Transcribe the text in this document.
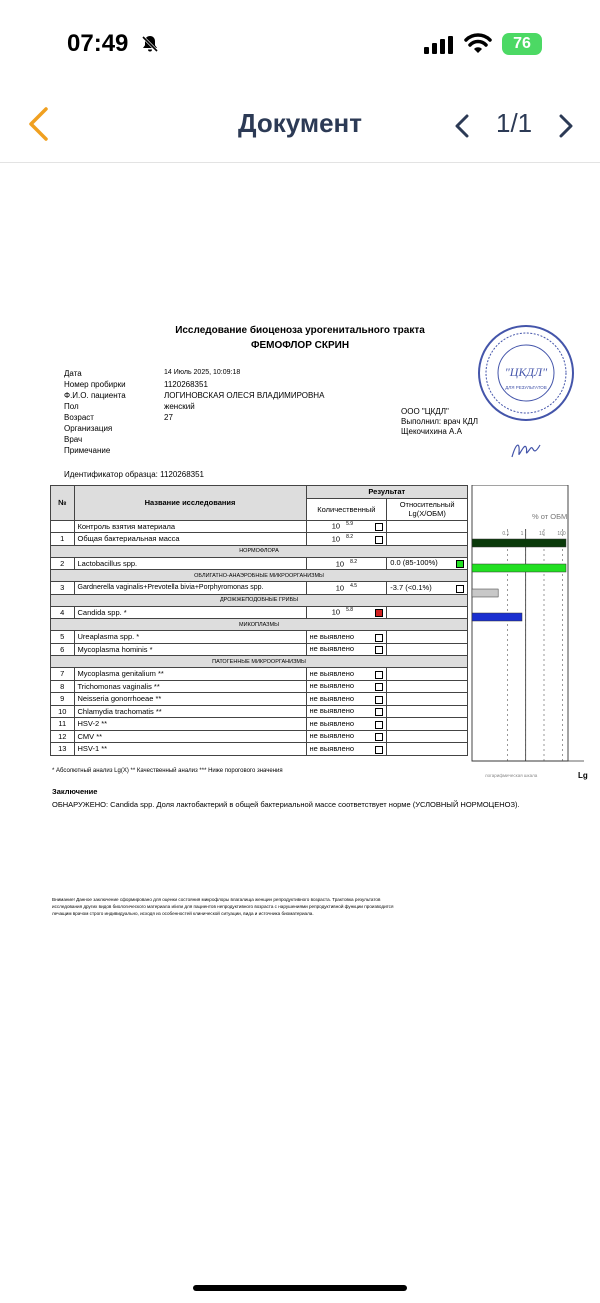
07:49	76
Документ	1/1
Исследование биоценоза урогенитального тракта
ФЕМОФЛОР СКРИН
Дата	14 Июль 2025, 10:09:18
Номер пробирки	1120268351
Ф.И.О. пациента	ЛОГИНОВСКАЯ ОЛЕСЯ ВЛАДИМИРОВНА
Пол	женский
Возраст	27
Организация
Врач
Примечание
ООО "ЦКДЛ"
Выполнил: врач КДЛ
Щекочихина А.А
"ЦКДЛ"
ДЛЯ РЕЗУЛЬТАТОВ
Идентификатор образца: 1120268351
№	Название исследования	Результат	
		Количественный	Относительный Lg(X/ОБМ)
	Контроль взятия материала	10 $^{5.9}$

1	Общая бактериальная масса	10 $^{8.2}$

НОРМОФЛОРА			
2	Lactobacillus spp.	10 $^{8.2}$	0.0 (85-100%)

ОБЛИГАТНО-АНАЭРОБНЫЕ МИКРООРГАНИЗМЫ			
3	Gardnerella vaginalis+Prevotella bivia+Porphyromonas spp.	10 $^{4.5}$	-3.7 (<0.1%)

ДРОЖЖЕПОДОБНЫЕ ГРИБЫ			
4	Candida spp. *	10 $^{5.8}$

МИКОПЛАЗМЫ			
5	Ureaplasma spp. *	не выявлено

6	Mycoplasma hominis *	не выявлено

ПАТОГЕННЫЕ МИКРООРГАНИЗМЫ			
7	Mycoplasma genitalium **	не выявлено

8	Trichomonas vaginalis **	не выявлено

9	Neisseria gonorrhoeae **	не выявлено

10	Chlamydia trachomatis **	не выявлено

11	HSV-2 **	не выявлено

12	CMV **	не выявлено

13	HSV-1 **	не выявлено

% от ОБМ
0.1 1	10	100
логарифмическая шкала	Lg
* Абсолютный анализ Lg(X) ** Качественный анализ *** Ниже порогового значения
Заключение
ОБНАРУЖЕНО: Candida spp. Доля лактобактерий в общей бактериальной массе соответствует норме (УСЛОВНЫЙ НОРМОЦЕНОЗ).
Внимание! Данное заключение сформировано для оценки состояния микрофлоры влагалища женщин репродуктивного возраста. Трактовка результатов
исследования других видов биологического материала и/или для пациентов непродуктивного возраста с нарушениями репродуктивной функции производится
лечащим врачом строго индивидуально, исходя из особенностей клинической ситуации, вида и источника биоматериала.
